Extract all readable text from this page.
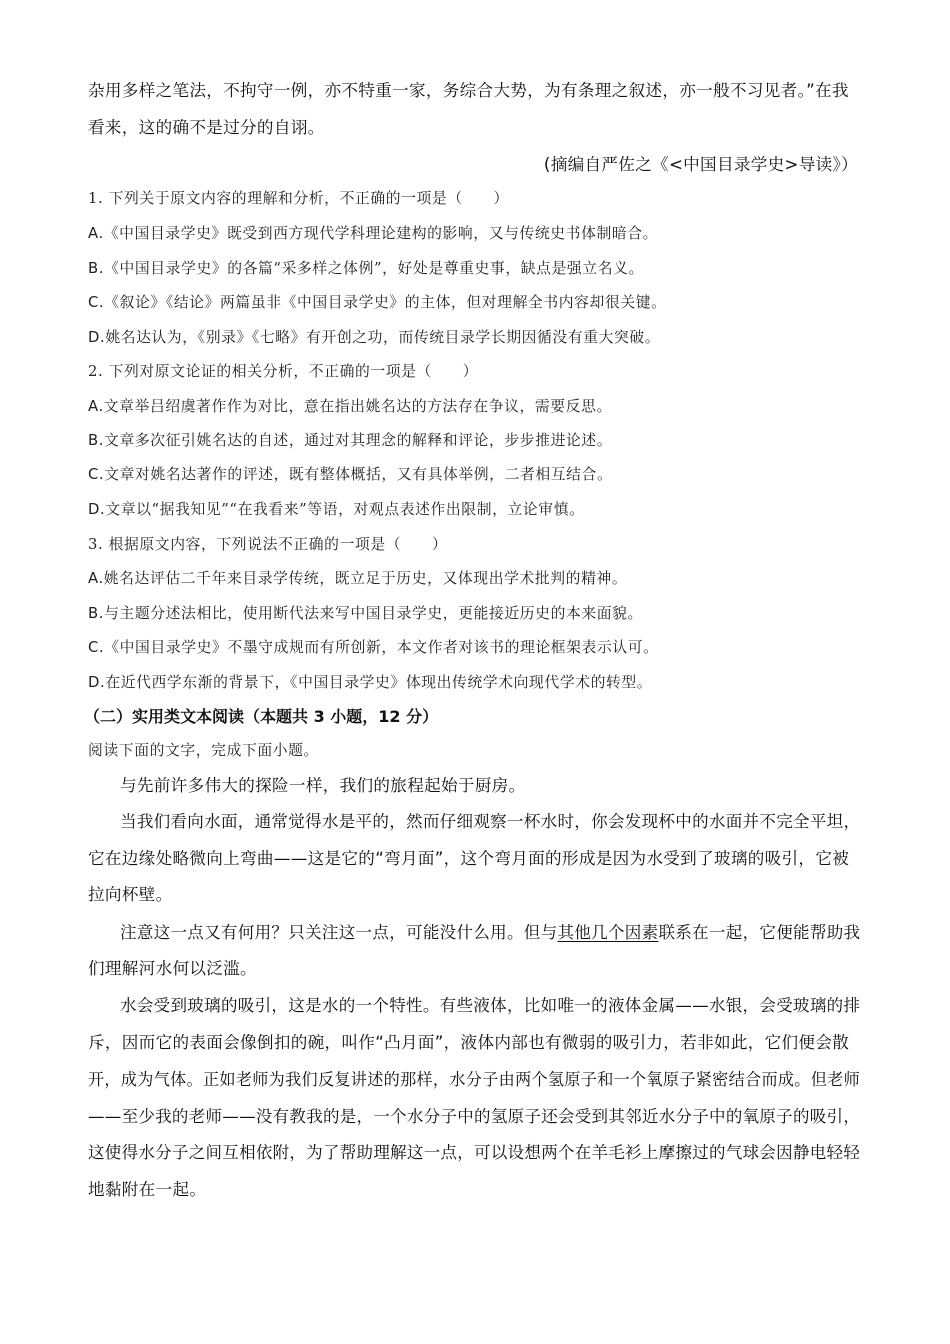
杂用多样之笔法，不拘守一例，亦不特重一家，务综合大势，为有条理之叙述，亦一般不习见者。”在我
看来，这的确不是过分的自诩。
(摘编自严佐之《<中国目录学史>导读》）
1. 下列关于原文内容的理解和分析，不正确的一项是（　　）
A.《中国目录学史》既受到西方现代学科理论建构的影响，又与传统史书体制暗合。
B.《中国目录学史》的各篇“采多样之体例”，好处是尊重史事，缺点是强立名义。
C.《叙论》《结论》两篇虽非《中国目录学史》的主体，但对理解全书内容却很关键。
D.姚名达认为，《别录》《七略》有开创之功，而传统目录学长期因循没有重大突破。
2. 下列对原文论证的相关分析，不正确的一项是（　　）
A.文章举吕绍虞著作作为对比，意在指出姚名达的方法存在争议，需要反思。
B.文章多次征引姚名达的自述，通过对其理念的解释和评论，步步推进论述。
C.文章对姚名达著作的评述，既有整体概括，又有具体举例，二者相互结合。
D.文章以“据我知见”“在我看来”等语，对观点表述作出限制，立论审慎。
3. 根据原文内容，下列说法不正确的一项是（　　）
A.姚名达评估二千年来目录学传统，既立足于历史，又体现出学术批判的精神。
B.与主题分述法相比，使用断代法来写中国目录学史，更能接近历史的本来面貌。
C.《中国目录学史》不墨守成规而有所创新，本文作者对该书的理论框架表示认可。
D.在近代西学东渐的背景下，《中国目录学史》体现出传统学术向现代学术的转型。
（二）实用类文本阅读（本题共 3 小题，12 分）
阅读下面的文字，完成下面小题。
与先前许多伟大的探险一样，我们的旅程起始于厨房。
当我们看向水面，通常觉得水是平的，然而仔细观察一杯水时，你会发现杯中的水面并不完全平坦，
它在边缘处略微向上弯曲——这是它的“弯月面”，这个弯月面的形成是因为水受到了玻璃的吸引，它被
拉向杯壁。
注意这一点又有何用？只关注这一点，可能没什么用。但与其他几个因素联系在一起，它便能帮助我
们理解河水何以泛滥。
水会受到玻璃的吸引，这是水的一个特性。有些液体，比如唯一的液体金属——水银，会受玻璃的排
斥，因而它的表面会像倒扣的碗，叫作“凸月面”，液体内部也有微弱的吸引力，若非如此，它们便会散
开，成为气体。正如老师为我们反复讲述的那样，水分子由两个氢原子和一个氧原子紧密结合而成。但老师
——至少我的老师——没有教我的是，一个水分子中的氢原子还会受到其邻近水分子中的氧原子的吸引，
这使得水分子之间互相依附，为了帮助理解这一点，可以设想两个在羊毛衫上摩擦过的气球会因静电轻轻
地黏附在一起。
